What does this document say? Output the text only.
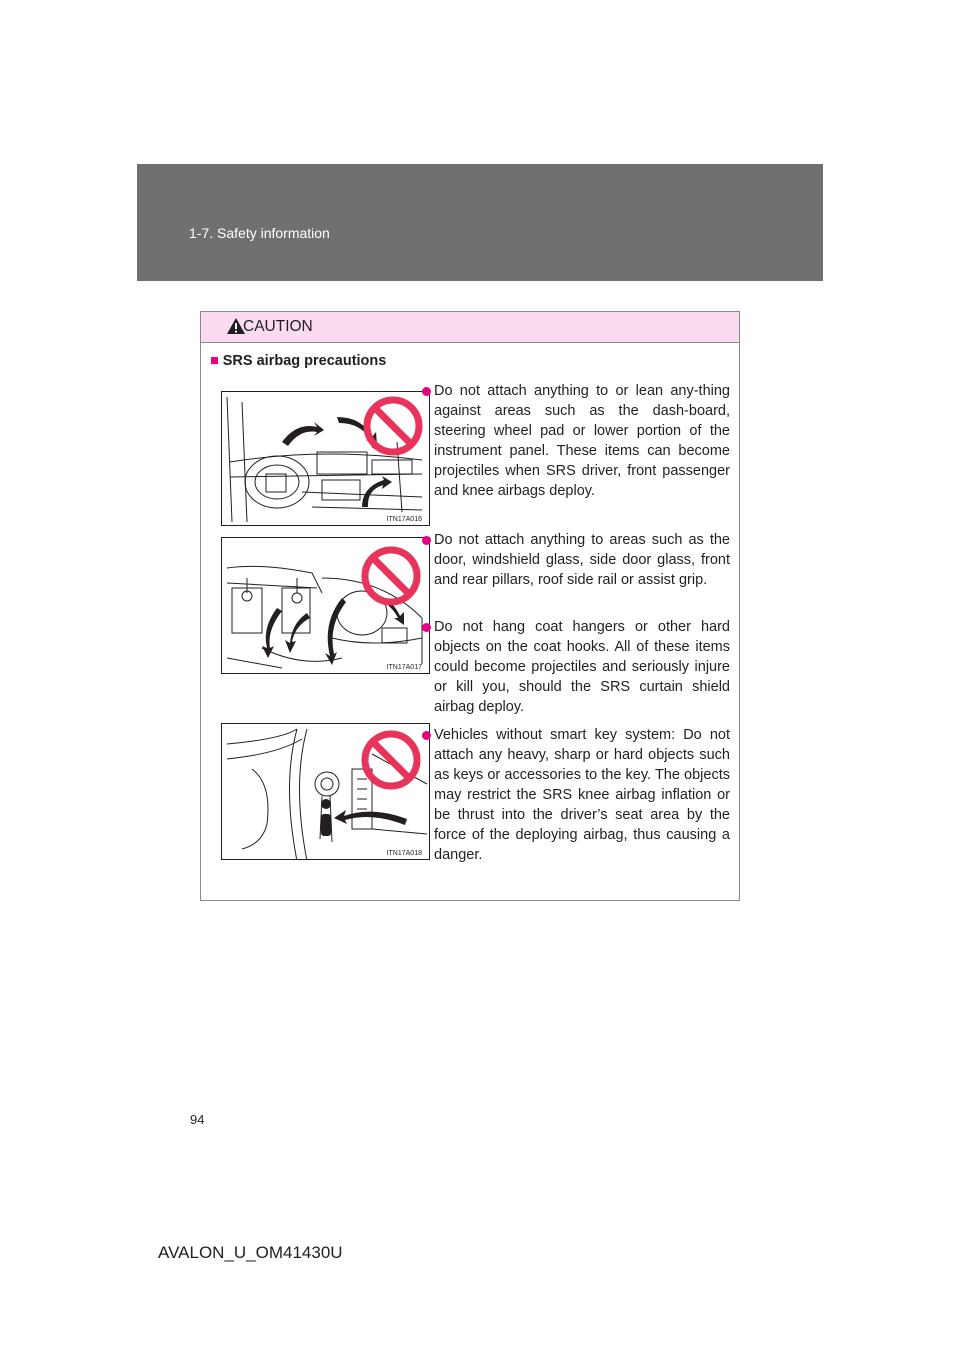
1-7. Safety information
CAUTION
■ SRS airbag precautions
ITN17A016
ITN17A017
ITN17A018
Do not attach anything to or lean any-thing against areas such as the dash-board, steering wheel pad or lower portion of the instrument panel. These items can become projectiles when SRS driver, front passenger and knee airbags deploy.
Do not attach anything to areas such as the door, windshield glass, side door glass, front and rear pillars, roof side rail or assist grip.
Do not hang coat hangers or other hard objects on the coat hooks. All of these items could become projectiles and seriously injure or kill you, should the SRS curtain shield airbag deploy.
Vehicles without smart key system: Do not attach any heavy, sharp or hard objects such as keys or accessories to the key. The objects may restrict the SRS knee airbag inflation or be thrust into the driver’s seat area by the force of the deploying airbag, thus causing a danger.
94
AVALON_U_OM41430U
